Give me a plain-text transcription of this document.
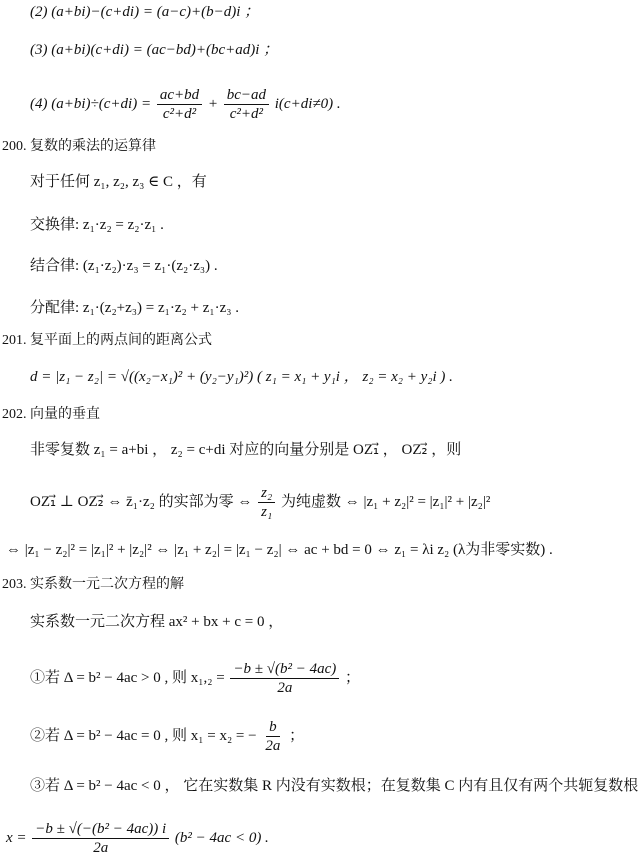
(2) (a+bi)−(c+di) = (a−c)+(b−d)i ；
(3) (a+bi)(c+di) = (ac−bd)+(bc+ad)i ；
(4) $(a+bi)\div(c+di) = \frac{ac+bd}{\text{c²+d²}} + \frac{bc-ad}{\text{c²+d²}} i(c+di\ne 0)$ .
200. 复数的乘法的运算律
对于任何 z₁, z₂, z₃ ∈ C ，有
交换律: z₁·z₂ = z₂·z₁ .
结合律: (z₁·z₂)·z₃ = z₁·(z₂·z₃) .
分配律: z₁·(z₂+z₃) = z₁·z₂ + z₁·z₃ .
201. 复平面上的两点间的距离公式
d = |z₁ − z₂| = √((x₂−x₁)² + (y₂−y₁)²) ( z₁ = x₁ + y₁i ， z₂ = x₂ + y₂i ) .
202. 向量的垂直
非零复数 z₁ = a+bi ， z₂ = c+di 对应的向量分别是 OZ₁⃗ ， OZ₂⃗ ，则
OZ₁⃗ ⊥ OZ₂⃗ ⇔ z̄₁·z₂ 的实部为零 ⇔ $\frac{\text{z₂}}{\text{z₁}}$ 为纯虚数 ⇔ |z₁ + z₂|² = |z₁|² + |z₂|²
⇔ |z₁ − z₂|² = |z₁|² + |z₂|² ⇔ |z₁ + z₂| = |z₁ − z₂| ⇔ ac + bd = 0 ⇔ z₁ = λi z₂ (λ为非零实数) .
203. 实系数一元二次方程的解
实系数一元二次方程 ax² + bx + c = 0 ，
①若 Δ = b² − 4ac > 0 , 则 $x_1,_2 = \frac{\text{−b ± √(b² − 4ac)}}{2a}$ ；
②若 Δ = b² − 4ac = 0 , 则 x₁ = x₂ = − $\frac{b}{2a}$ ；
③若 Δ = b² − 4ac < 0 ， 它在实数集 R 内没有实数根；在复数集 C 内有且仅有两个共轭复数根
$x = \frac{\text{−b ± √(−(b² − 4ac)) i}}{2a} (b^2 - 4ac < 0)$ .
